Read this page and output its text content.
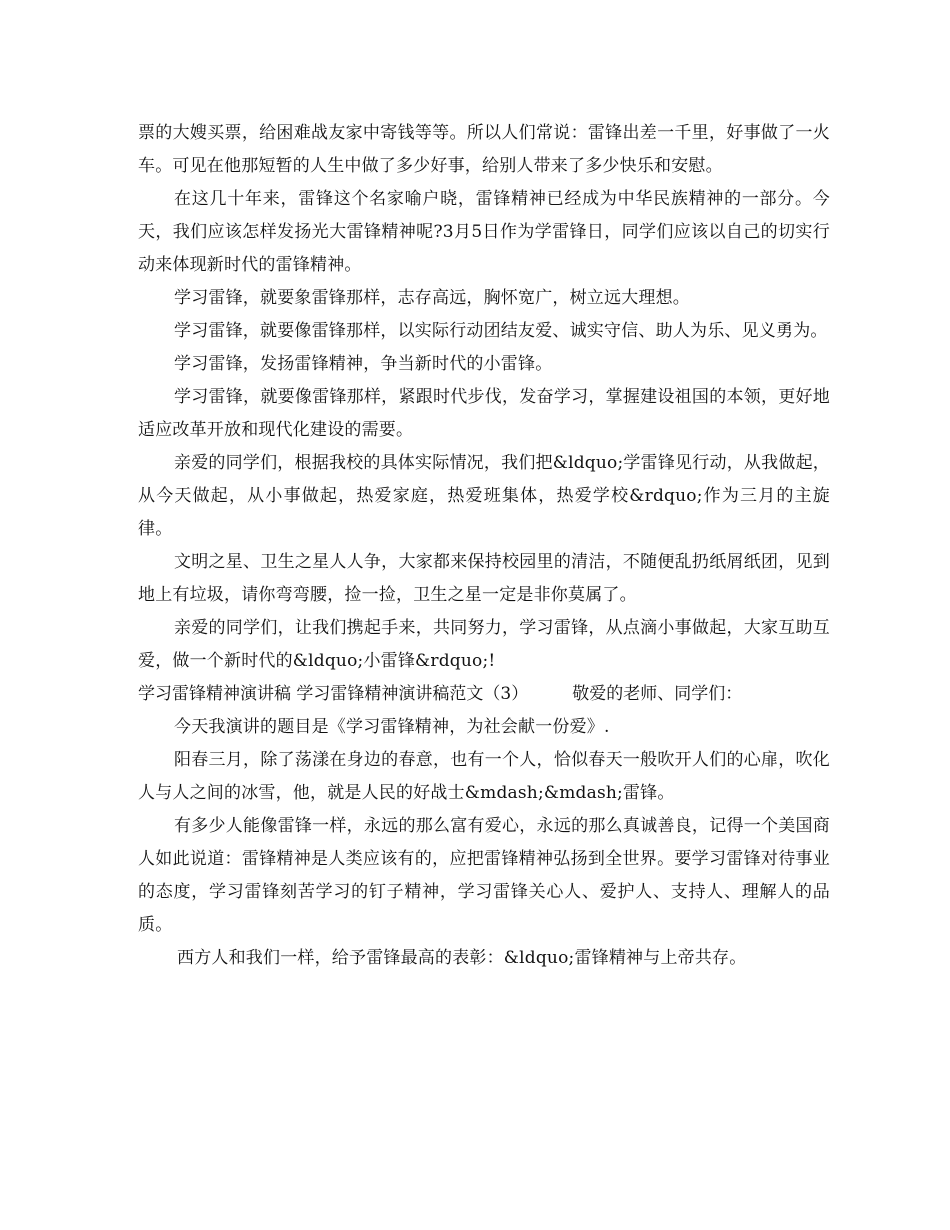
票的大嫂买票，给困难战友家中寄钱等等。所以人们常说：雷锋出差一千里，好事做了一火车。可见在他那短暂的人生中做了多少好事，给别人带来了多少快乐和安慰。

在这几十年来，雷锋这个名家喻户晓，雷锋精神已经成为中华民族精神的一部分。今天，我们应该怎样发扬光大雷锋精神呢?3月5日作为学雷锋日，同学们应该以自己的切实行动来体现新时代的雷锋精神。

学习雷锋，就要象雷锋那样，志存高远，胸怀宽广，树立远大理想。

学习雷锋，就要像雷锋那样，以实际行动团结友爱、诚实守信、助人为乐、见义勇为。

学习雷锋，发扬雷锋精神，争当新时代的小雷锋。

学习雷锋，就要像雷锋那样，紧跟时代步伐，发奋学习，掌握建设祖国的本领，更好地适应改革开放和现代化建设的需要。

亲爱的同学们，根据我校的具体实际情况，我们把&ldquo;学雷锋见行动，从我做起，从今天做起，从小事做起，热爱家庭，热爱班集体，热爱学校&rdquo;作为三月的主旋律。

文明之星、卫生之星人人争，大家都来保持校园里的清洁，不随便乱扔纸屑纸团，见到地上有垃圾，请你弯弯腰，捡一捡，卫生之星一定是非你莫属了。

亲爱的同学们，让我们携起手来，共同努力，学习雷锋，从点滴小事做起，大家互助互爱，做一个新时代的&ldquo;小雷锋&rdquo;!

学习雷锋精神演讲稿 学习雷锋精神演讲稿范文（3）	敬爱的老师、同学们：

今天我演讲的题目是《学习雷锋精神，为社会献一份爱》.

阳春三月，除了荡漾在身边的春意，也有一个人，恰似春天一般吹开人们的心扉，吹化人与人之间的冰雪，他，就是人民的好战士&mdash;&mdash;雷锋。

有多少人能像雷锋一样，永远的那么富有爱心，永远的那么真诚善良，记得一个美国商人如此说道：雷锋精神是人类应该有的，应把雷锋精神弘扬到全世界。要学习雷锋对待事业的态度，学习雷锋刻苦学习的钉子精神，学习雷锋关心人、爱护人、支持人、理解人的品质。

西方人和我们一样，给予雷锋最高的表彰：&ldquo;雷锋精神与上帝共存。
